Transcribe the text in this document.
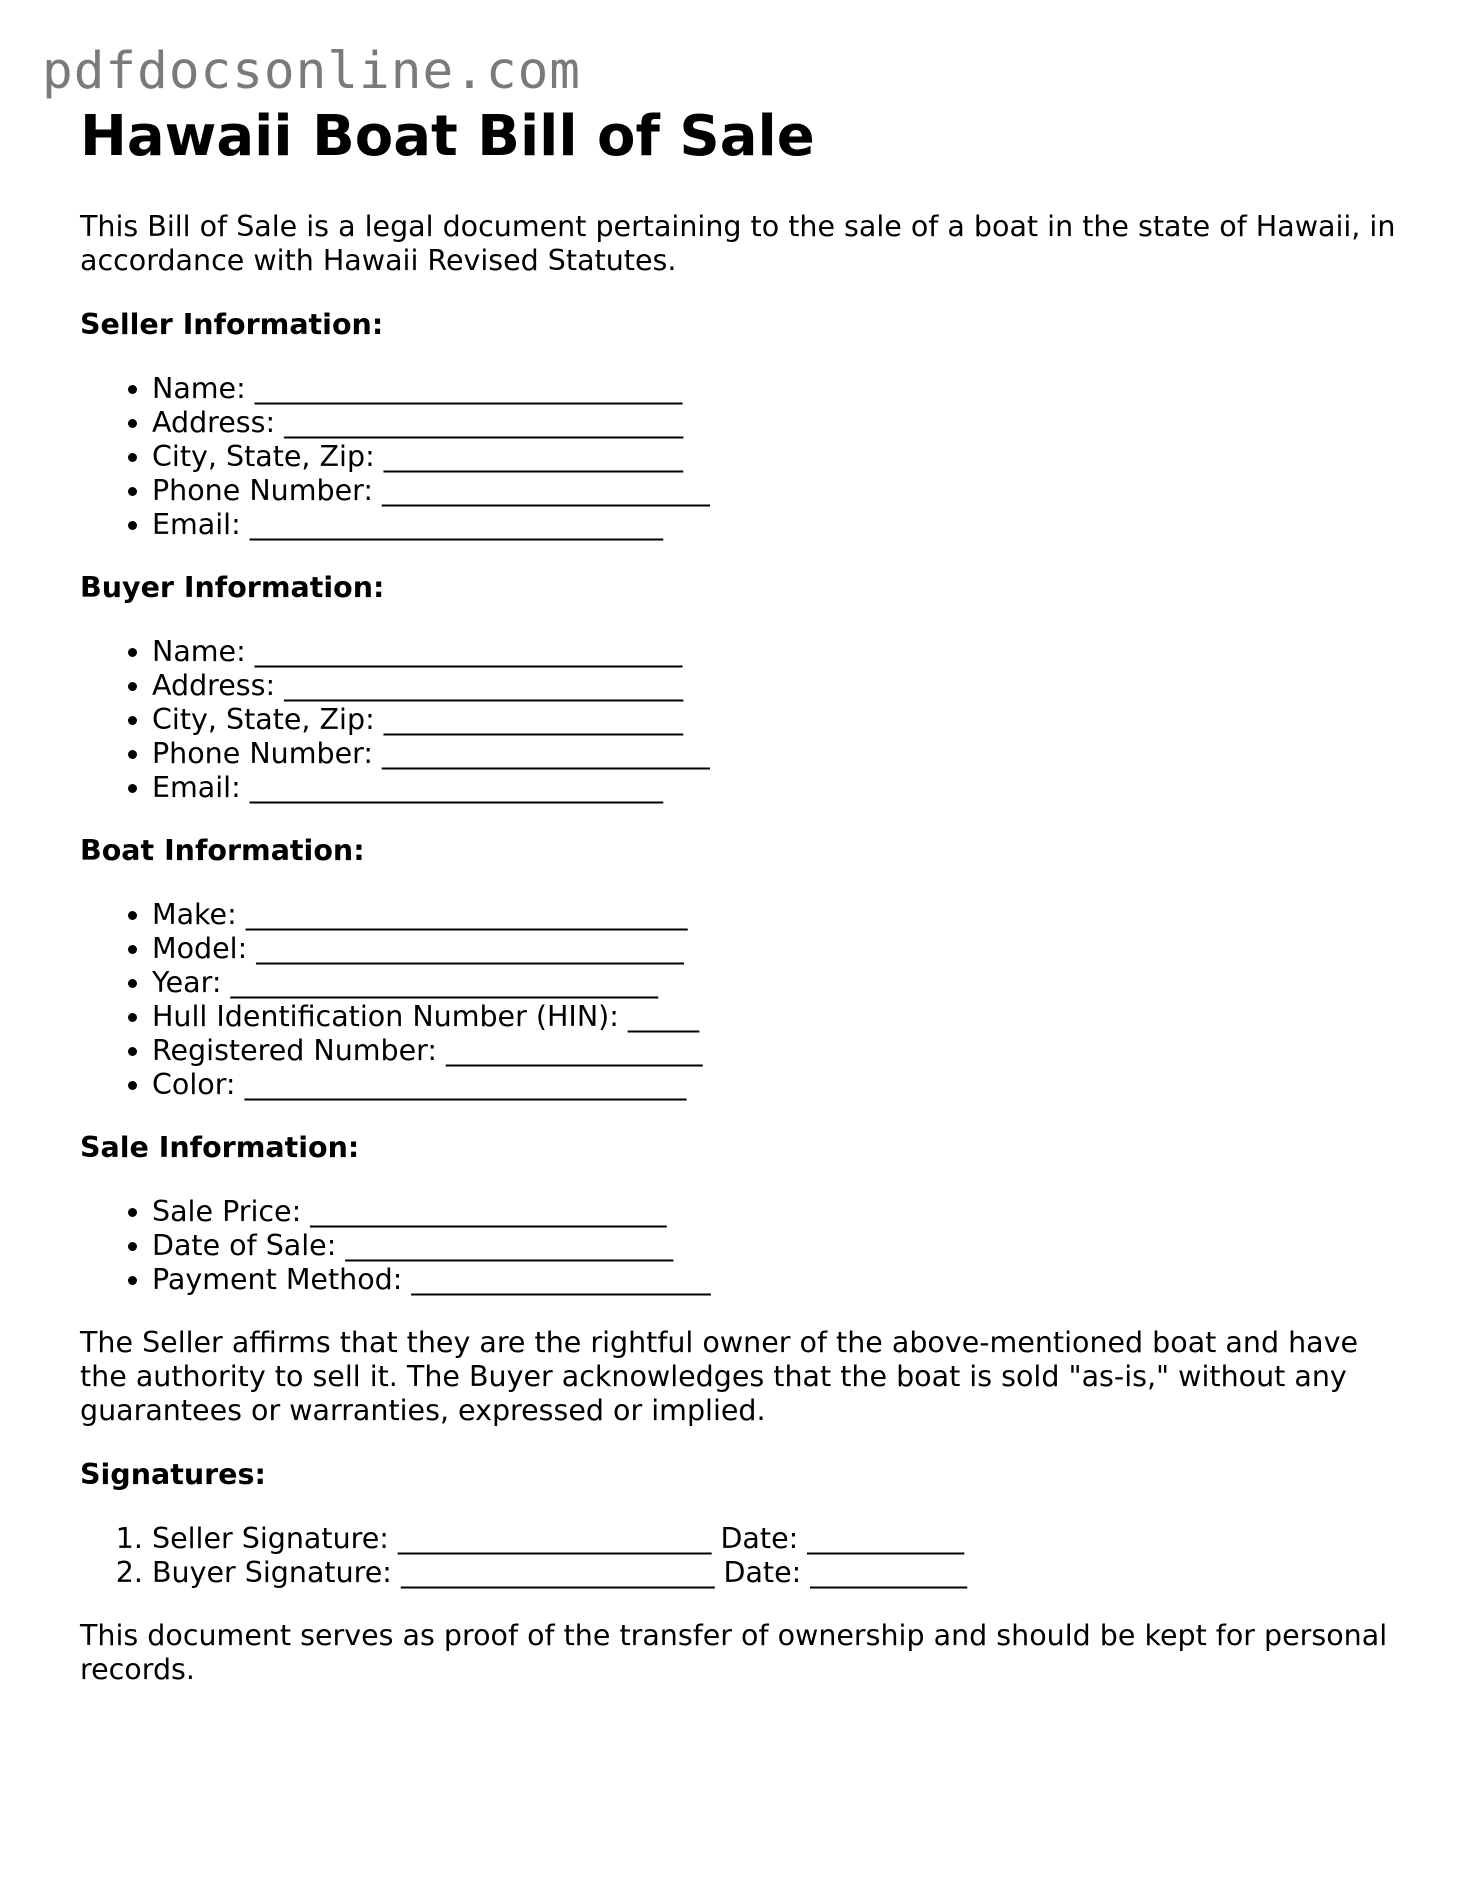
pdfdocsonline.com
Hawaii Boat Bill of Sale

This Bill of Sale is a legal document pertaining to the sale of a boat in the state of Hawaii, in accordance with Hawaii Revised Statutes.

Seller Information:
• Name: ______________________________
• Address: ____________________________
• City, State, Zip: _____________________
• Phone Number: _______________________
• Email: _____________________________
Buyer Information:
• Name: ______________________________
• Address: ____________________________
• City, State, Zip: _____________________
• Phone Number: _______________________
• Email: _____________________________
Boat Information:
• Make: _______________________________
• Model: ______________________________
• Year: ______________________________
• Hull Identification Number (HIN): _____
• Registered Number: __________________
• Color: _______________________________
Sale Information:
• Sale Price: _________________________
• Date of Sale: _______________________
• Payment Method: _____________________

The Seller affirms that they are the rightful owner of the above-mentioned boat and have the authority to sell it. The Buyer acknowledges that the boat is sold "as-is," without any guarantees or warranties, expressed or implied.

Signatures:
1. Seller Signature: ______________________ Date: ___________
2. Buyer Signature: ______________________ Date: ___________

This document serves as proof of the transfer of ownership and should be kept for personal records.
